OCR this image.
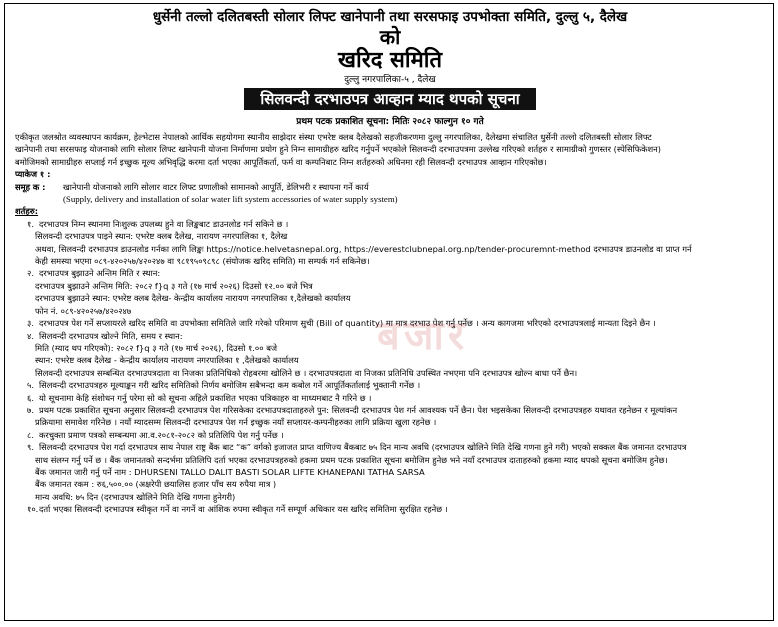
बजार
धुर्सेनी तल्लो दलितबस्ती सोलार लिफ्ट खानेपानी तथा सरसफाइ उपभोक्ता समिति, दुल्लु ५, दैलेख
को
खरिद समिति
दुल्लु नगरपालिका-५ , दैलेख
सिलवन्दी दरभाउपत्र आव्हान म्याद थपको सूचना
प्रथम पटक प्रकाशित सूचना: मितिः २०८२ फाल्गुन १० गते
एकीकृत जलश्रोत व्यवस्थापन कार्यक्रम, हेल्भेटास नेपालको आर्थिक सहयोगमा स्थानीय साझेदार संस्था एभरेष्ट क्लब दैलेखको सहजीकरणमा दुल्लु नगरपालिका, दैलेखमा संचालित धुर्सेनी तल्लो दलितबस्ती सोलार लिफ्ट
खानेपानी तथा सरसफाइ योजनाको लागि सोलार लिफ्ट खानेपानी योजना निर्माणमा प्रयोग हुने निम्न सामाग्रीहरु खरिद गर्नुपर्ने भएकोले सिलवन्दी दरभाउपत्रमा उल्लेख गरिएको शर्तहरु र सामाग्रीको गुणस्तर (स्पेसिफिकेशन)
बमोजिमको सामाग्रीहरु सप्लाई गर्न इच्छुक मूल्य अभिवृद्धि करमा दर्ता भएका आपूर्तिकर्ता, फर्म वा कम्पनिबाट निम्न शर्तहरुको अधिनमा रही सिलवन्दी दरभाउपत्र आव्हान गरिएकोछ।
प्याकेज १ :
समूह क : खानेपानी योजनाको लागि सोलार वाटर लिफ्ट प्रणालीको सामानको आपूर्ति, डेलिभरी र स्थापना गर्ने कार्य
(Supply, delivery and installation of solar water lift system accessories of water supply system)
शर्तहरु:
१. दरभाउपत्र निम्न स्थानमा निःशुल्क उपलब्ध हुने वा लिङ्कबाट डाउनलोड गर्न सकिने छ ।
सिलवन्दी दरभाउपत्र पाइने स्थान: एभरेष्ट क्लब दैलेख, नारायण नगरपालिका १, दैलेख
अथवा, सिलवन्दी दरभाउपत्र डाउनलोड गर्नका लागि लिङ्कः https://notice.helvetasnepal.org, https://everestclubnepal.org.np/tender-procuremnt-method दरभाउपत्र डाउनलोड वा प्राप्त गर्न
केही समस्या भएमा ०८९-४२०२५७/४२०२४७ वा ९८१९५०९८९८ (संयोजक खरिद समिति) मा सम्पर्क गर्न सकिनेछ।
२. दरभाउपत्र बुझाउने अन्तिम मिति र स्थान:
दरभाउपत्र बुझाउने अन्तिम मिति: २०८२ f}q ३ गते (१७ मार्च २०२६) दिउसो १२.०० बजे भित्र
दरभाउपत्र बुझाउने स्थान: एभरेष्ट क्लब दैलेख- केन्द्रीय कार्यालय नारायण नगरपालिका १,दैलेखको कार्यालय
फोन नं. ०८९-४२०२५७/४२०२४७
३. दरभाउपत्र पेश गर्ने सप्लायरले खरिद समिति वा उपभोक्ता समितिले जारि गरेको परिमाण सुची (Bill of quantity) मा मात्र दरभाउ पेश गर्नु पर्नेछ । अन्य कागजमा भरिएको दरभाउपत्रलाई मान्यता दिइने छैन ।
४. सिलवन्दी दरभाउपत्र खोल्ने मिति, समय र स्थान:
मिति (म्याद थप गरिएको): २०८२ f}q ३ गते (१७ मार्च २०२६), दिउसो १.०० बजे
स्थान: एभरेष्ट क्लब दैलेख - केन्द्रीय कार्यालय नारायण नगरपालिका १ ,दैलेखको कार्यालय
सिलवन्दी दरभाउपत्र सम्बन्धित दरभाउपत्रदाता वा निजका प्रतिनिधिको रोहबरमा खोलिने छ । दरभाउपत्रदाता वा निजका प्रतिनिधि उपस्थित नभएमा पनि दरभाउपत्र खोल्न बाधा पर्ने छैन।
५. सिलवन्दी दरभाउपत्रहरु मूल्याङ्कन गरी खरिद समितिको निर्णय बमोजिम सबैभन्दा कम कबोल गर्ने आपूर्तिकर्तालाई भुक्तानी गर्नेछ ।
६. यो सूचनामा केहि संशोधन गर्नु परेमा सो को सूचना अहिले प्रकाशित भएका पत्रिकाहरु वा माध्यमबाट नै गरिने छ ।
७. प्रथम पटक प्रकाशित सूचना अनुसार सिलवन्दी दरभाउपत्र पेश गरिसकेका दरभाउपत्रदाताहरुले पुन: सिलवन्दी दरभाउपत्र पेश गर्न आवश्यक पर्ने छैन। पेश भइसकेका सिलवन्दी दरभाउपत्रहरु यथावत रहनेछन र मूल्यांकन
प्रक्रियामा समावेश गरिनेछ । नयाँ म्यादसम्म सिलवन्दी दरभाउपत्र पेश गर्न इच्छुक नयाँ सप्लायर-कम्पनीहरुका लागि प्रक्रिया खुला रहनेछ ।
८. करचुक्ता प्रमाण पत्रको सम्बन्धमा आ.व.२०८१-२०८२ को प्रतिलिपि पेश गर्नु पर्नेछ ।
९. सिलवन्दी दरभाउपत्र पेश गर्दा दरभाउपत्र साथ नेपाल राष्ट्र बैंक बाट “क” वर्गको इजाजत प्राप्त वाणिज्य बैंकबाट ७५ दिन मान्य अवधि (दरभाउपत्र खोलिने मिति देखि गणना हुने गरी) भएको सक्कल बैंक जमानत दरभाउपत्र
साथ संलग्न गर्नु पर्ने छ । बैंक जमानतको सन्दर्भमा प्रतिलिपि दर्ता भएका दरभाउपत्रहरुको हकमा प्रथम पटक प्रकाशित सूचना बमोजिम हुनेछ भने नयाँ दरभाउपत्र दाताहरुको हकमा म्याद थपको सूचना बमोजिम हुनेछ।
बैंक जमानत जारी गर्नु पर्ने नाम : DHURSENI TALLO DALIT BASTI SOLAR LIFTE KHANEPANI TATHA SARSA
बैंक जमानत रकम : रु६,५००.०० (अक्षरेपी छयालिस हजार पाँच सय रुपैया मात्र )
मान्य अवधि: ७५ दिन (दरभाउपत्र खोलिने मिति देखि गणना हुनेगरी)
१०.दर्ता भएका सिलवन्दी दरभाउपत्र स्वीकृत गर्ने वा नगर्ने वा आंशिक रुपमा स्वीकृत गर्ने सम्पूर्ण अधिकार यस खरिद समितिमा सुरक्षित रहनेछ ।
